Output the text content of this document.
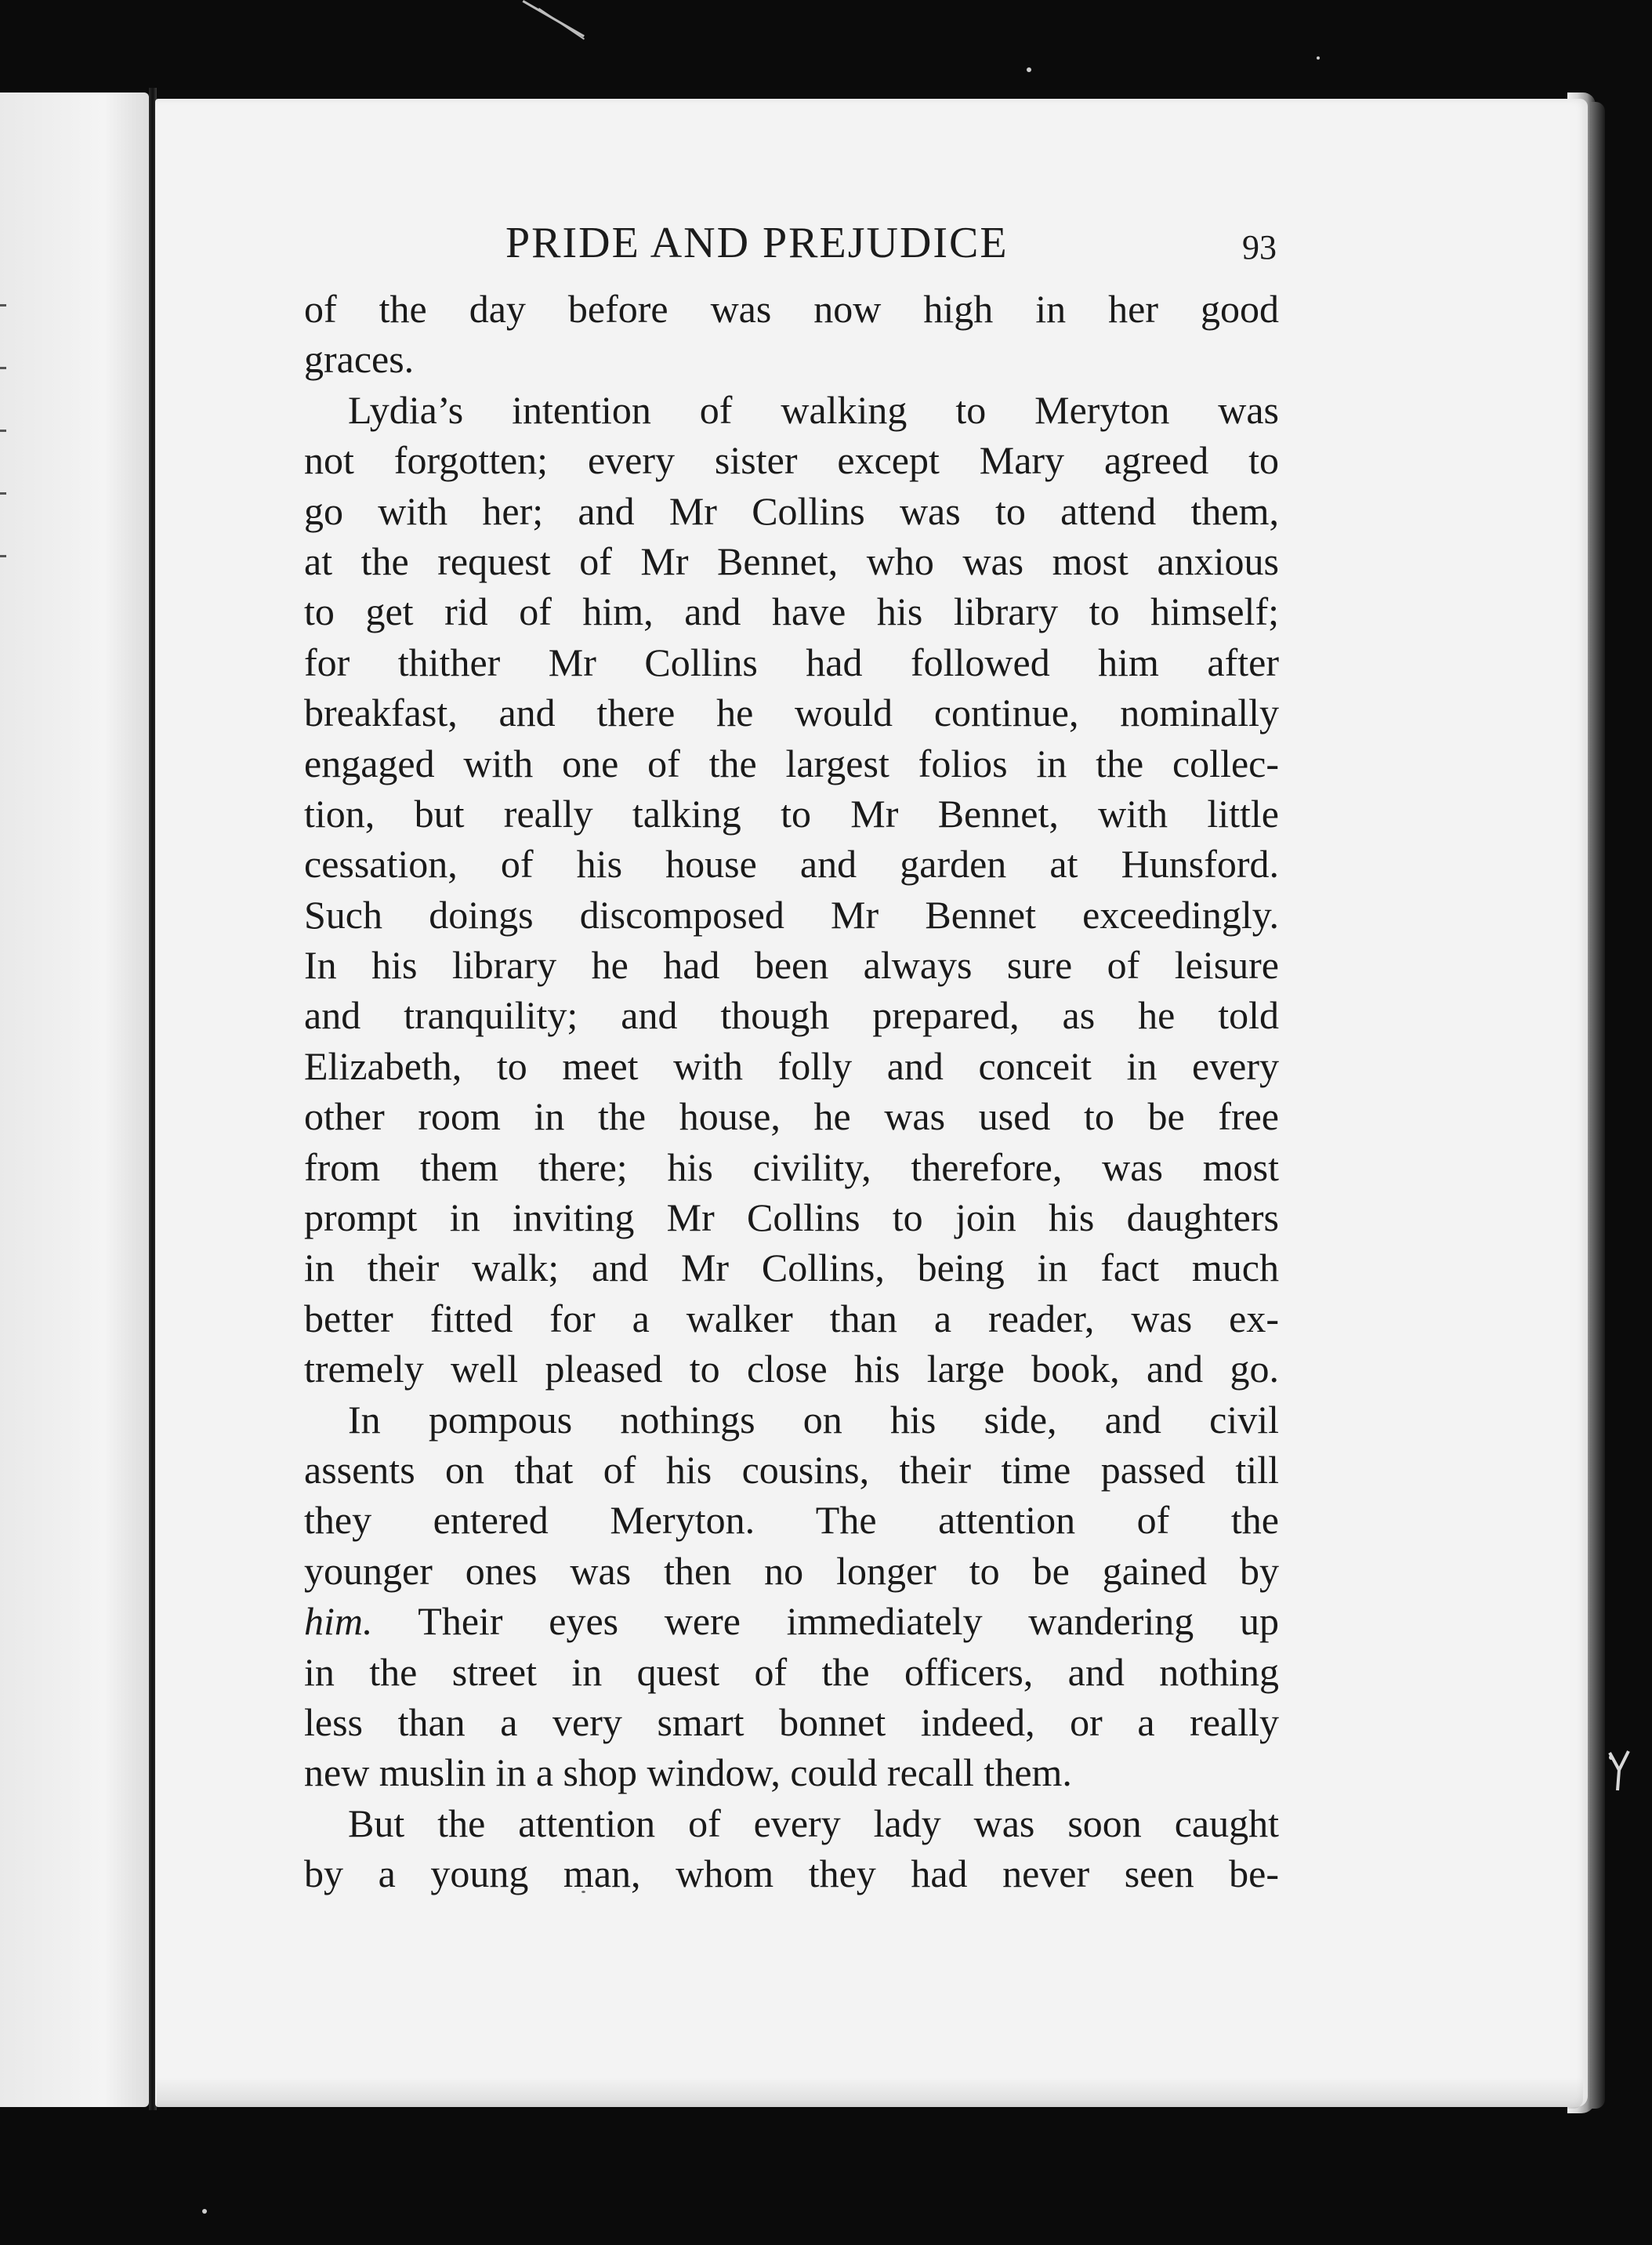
PRIDE AND PREJUDICE	93
of the day before was now high in her good
graces.
Lydia’s intention of walking to Meryton was
not forgotten; every sister except Mary agreed to
go with her; and Mr Collins was to attend them,
at the request of Mr Bennet, who was most anxious
to get rid of him, and have his library to himself;
for thither Mr Collins had followed him after
breakfast, and there he would continue, nominally
engaged with one of the largest folios in the collec-
tion, but really talking to Mr Bennet, with little
cessation, of his house and garden at Hunsford.
Such doings discomposed Mr Bennet exceedingly.
In his library he had been always sure of leisure
and tranquility; and though prepared, as he told
Elizabeth, to meet with folly and conceit in every
other room in the house, he was used to be free
from them there; his civility, therefore, was most
prompt in inviting Mr Collins to join his daughters
in their walk; and Mr Collins, being in fact much
better fitted for a walker than a reader, was ex-
tremely well pleased to close his large book, and go.
In pompous nothings on his side, and civil
assents on that of his cousins, their time passed till
they entered Meryton. The attention of the
younger ones was then no longer to be gained by
him. Their eyes were immediately wandering up
in the street in quest of the officers, and nothing
less than a very smart bonnet indeed, or a really
new muslin in a shop window, could recall them.
But the attention of every lady was soon caught
by a young man, whom they had never seen be-
